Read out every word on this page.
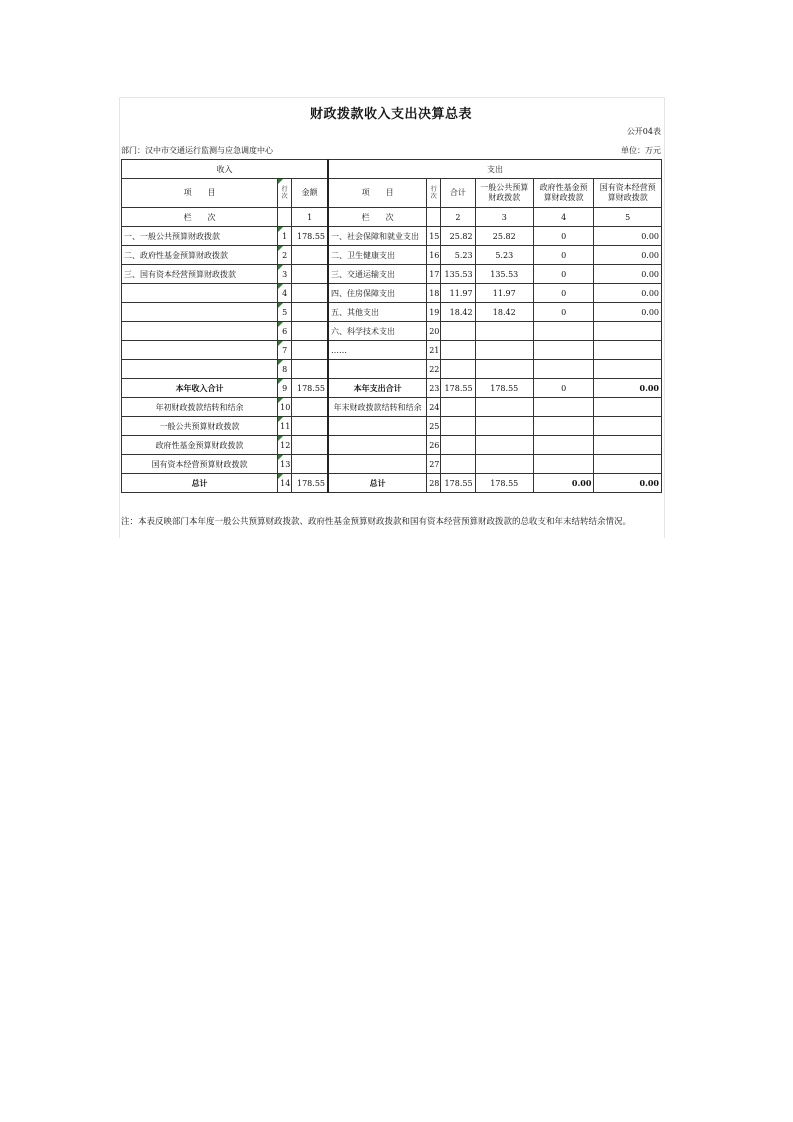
财政拨款收入支出决算总表
公开04表
部门：汉中市交通运行监测与应急调度中心	单位：万元
收入			支出					
项　　目	行次	金额	项　　目	行次	合计	一般公共预算财政拨款	政府性基金预算财政拨款	国有资本经营预算财政拨款
栏　　次		1	栏　　次		2	3	4	5
一、一般公共预算财政拨款	1	178.55	一、社会保障和就业支出	15	25.82	25.82	0	0.00
二、政府性基金预算财政拨款	2		二、卫生健康支出	16	5.23	5.23	0	0.00
三、国有资本经营预算财政拨款	3		三、交通运输支出	17	135.53	135.53	0	0.00
	4		四、住房保障支出	18	11.97	11.97	0	0.00
	5		五、其他支出	19	18.42	18.42	0	0.00
	6		六、科学技术支出	20				
	7		……	21				
	8			22				
本年收入合计	9	178.55	本年支出合计	23	178.55	178.55	0	0.00
年初财政拨款结转和结余	10		年末财政拨款结转和结余	24				
一般公共预算财政拨款	11			25				
政府性基金预算财政拨款	12			26				
国有资本经营预算财政拨款	13			27				
总计	14	178.55	总计	28	178.55	178.55	0.00	0.00
注：本表反映部门本年度一般公共预算财政拨款、政府性基金预算财政拨款和国有资本经营预算财政拨款的总收支和年末结转结余情况。
